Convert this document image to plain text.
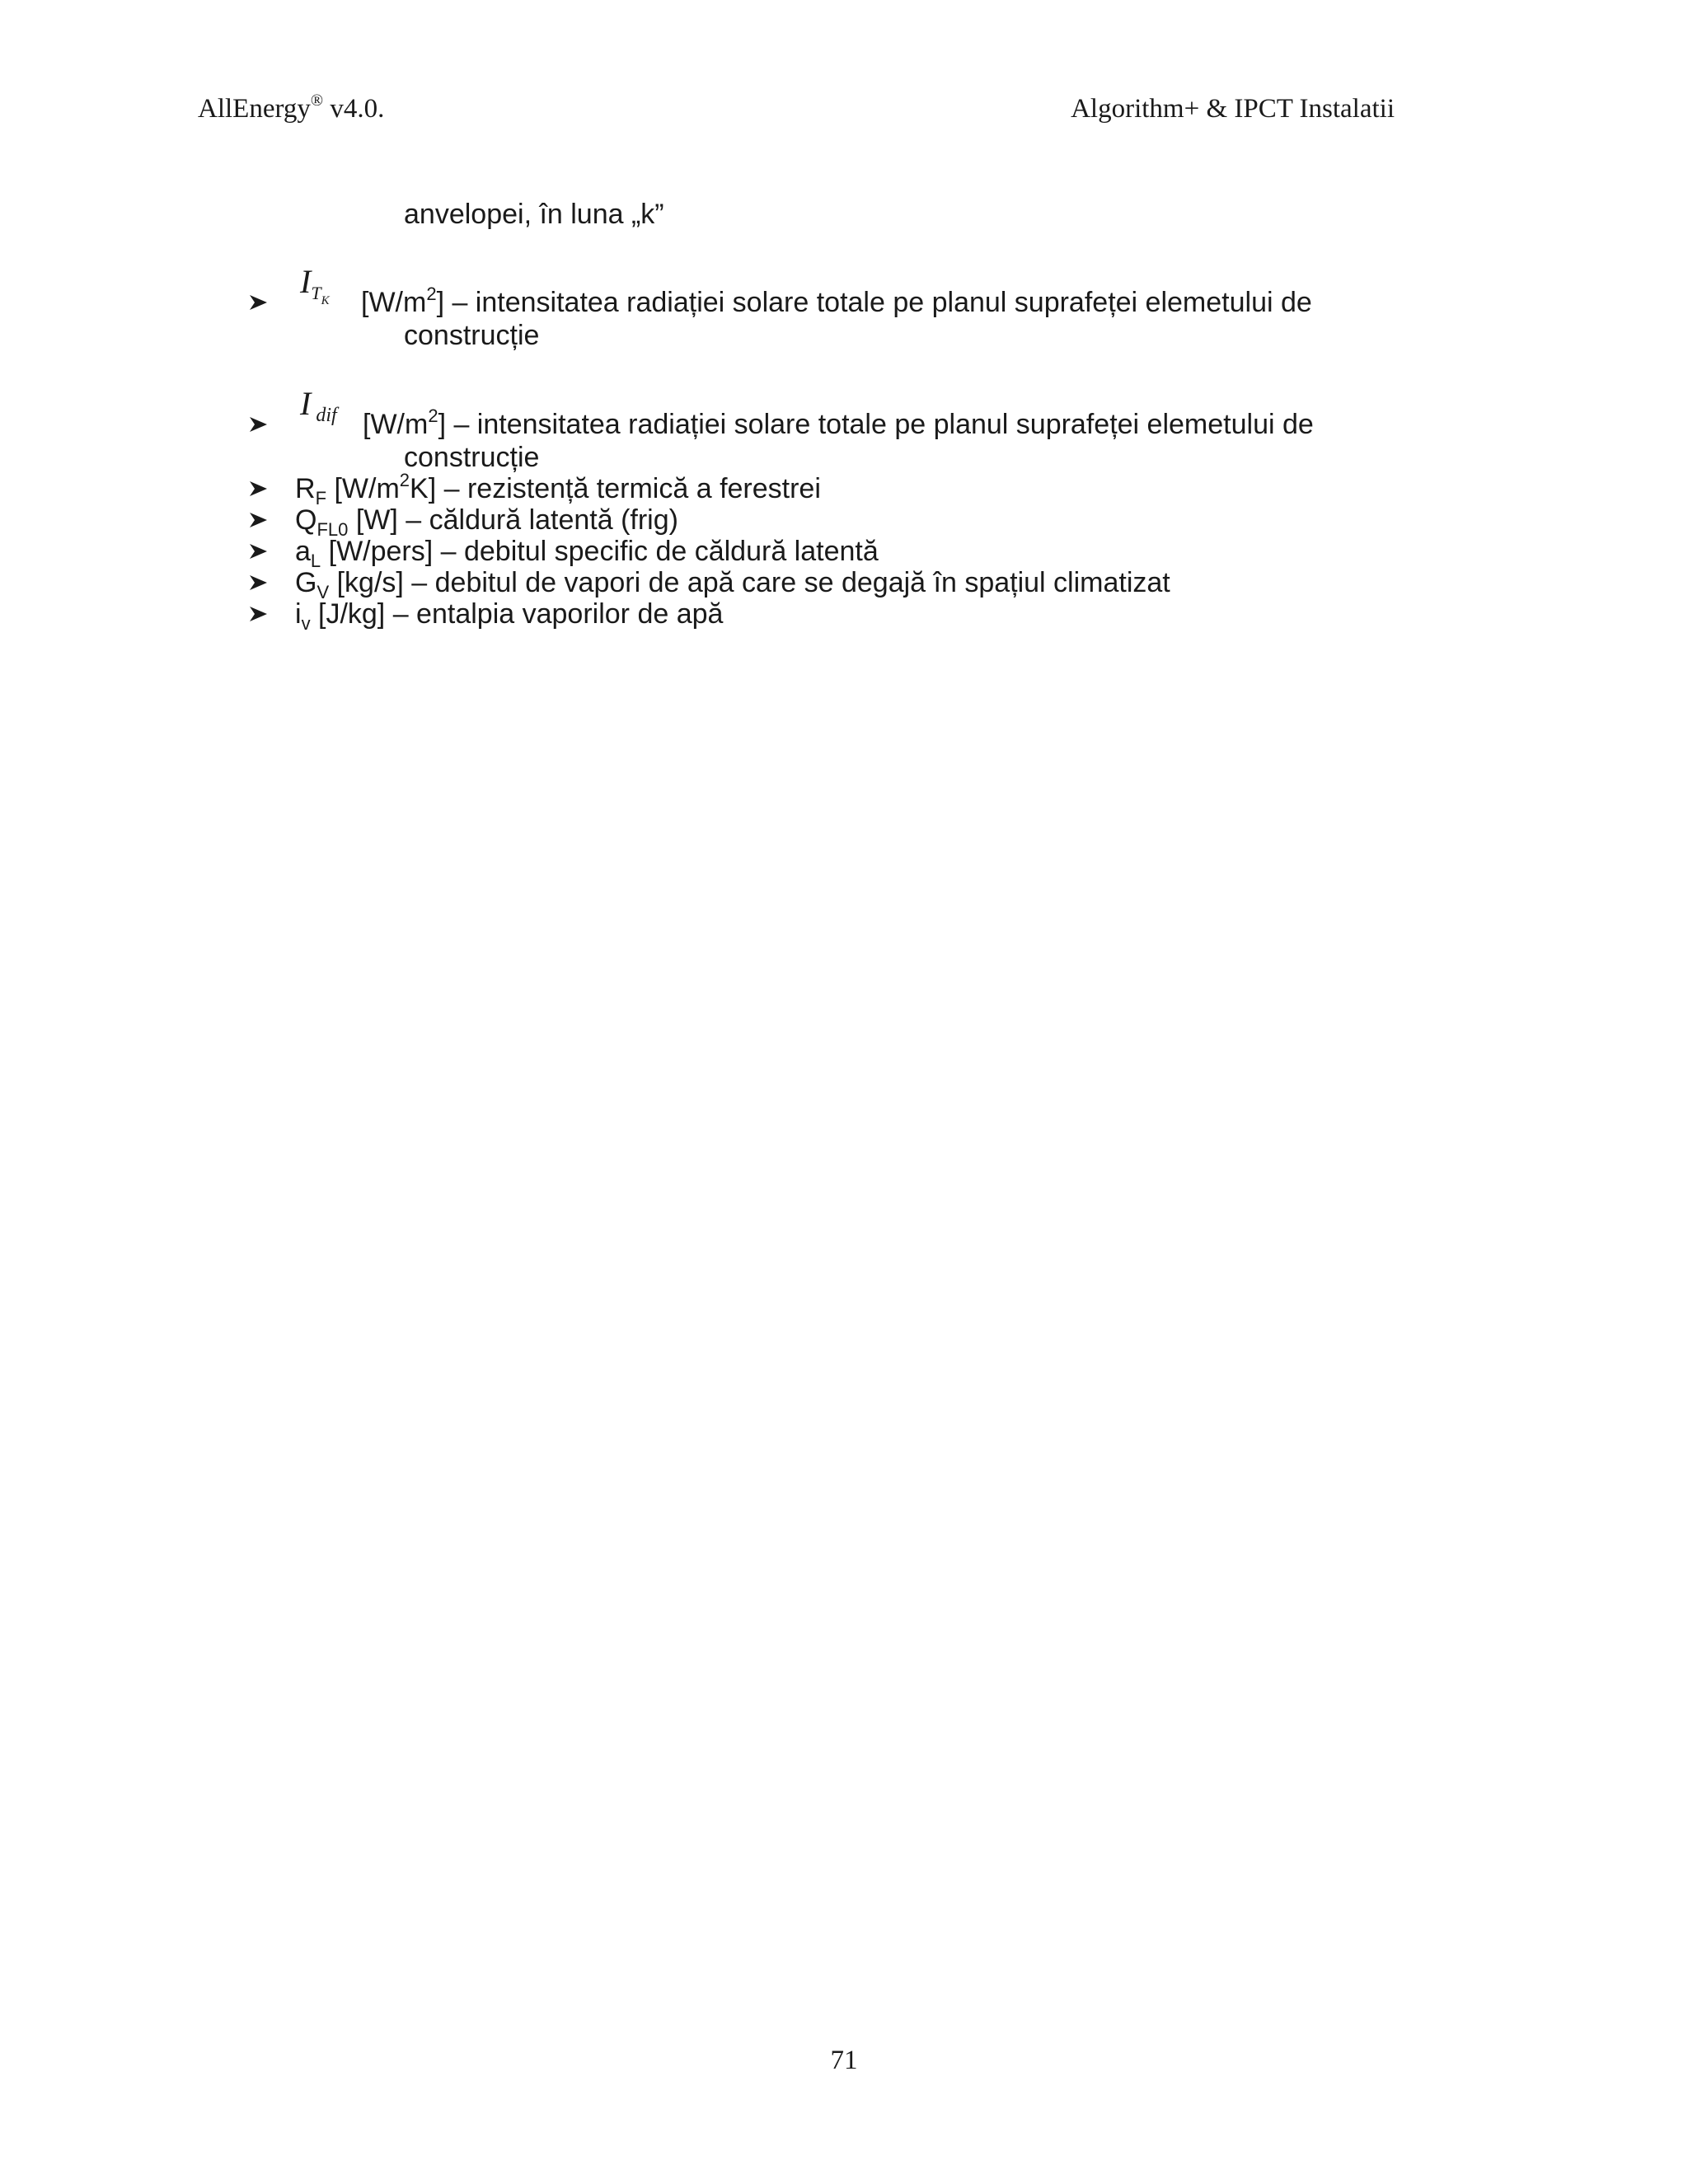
AllEnergy® v4.0.	Algorithm+ & IPCT Instalatii
anvelopei, în luna „k”
ITK $[W/m^2]$ – intensitatea radiației solare totale pe planul suprafeței elemetului de
construcție
Idif $[W/m^2]$ – intensitatea radiației solare totale pe planul suprafeței elemetului de
construcție
$R_F$ $[W/m^2K]$ – rezistență termică a ferestrei
$Q_{FL0}$ [W] – căldură latentă (frig)
$a_L$ [W/pers] – debitul specific de căldură latentă
$G_V$ [kg/s] – debitul de vapori de apă care se degajă în spațiul climatizat
$i_v$ [J/kg] – entalpia vaporilor de apă
71
